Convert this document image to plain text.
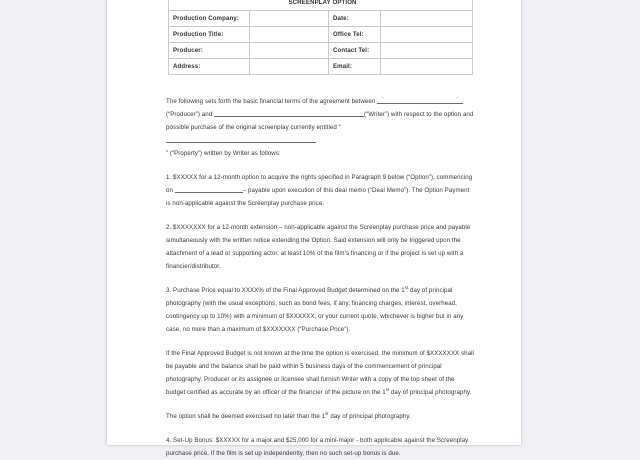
SCREENPLAY OPTION			
Production Company:		Date:	
Production Title:		Office Tel:	
Producer:		Contact Tel:	
Address:		Email:	

The following sets forth the basic financial terms of the agreement between
(“Producer”) and	(“Writer”) with respect to the option and
possible purchase of the original screenplay currently entitled “
” (“Property”) written by Writer as follows:

1. $XXXXX for a 12-month option to acquire the rights specified in Paragraph 9 below (“Option”), commencing on	– payable upon execution of this deal memo (“Deal Memo”). The Option Payment is non-applicable against the Screenplay purchase price.

2. $XXXXXXX for a 12-month extension – non-applicable against the Screenplay purchase price and payable simultaneously with the written notice extending the Option. Said extension will only be triggered upon the attachment of a lead or supporting actor, at least 10% of the film’s financing or if the project is set up with a financier/distributor.

3. Purchase Price equal to XXXX% of the Final Approved Budget determined on the 1st day of principal photography (with the usual exceptions, such as bond fees, if any, financing charges, interest, overhead, contingency up to 10%) with a minimum of $XXXXXX, or your current quote, whichever is higher but in any case, no more than a maximum of $XXXXXXX (“Purchase Price”).

If the Final Approved Budget is not known at the time the option is exercised, the minimum of $XXXXXXX shall be payable and the balance shall be paid within 5 business days of the commencement of principal photography. Producer or its assignee or licensee shall furnish Writer with a copy of the top sheet of the budget certified as accurate by an officer of the financier of the picture on the 1st day of principal photography.

The option shall be deemed exercised no later than the 1st day of principal photography.

4. Set-Up Bonus: $XXXXX for a major and $25,000 for a mini-major - both applicable against the Screenplay purchase price. If the film is set up independently, then no such set-up bonus is due.
